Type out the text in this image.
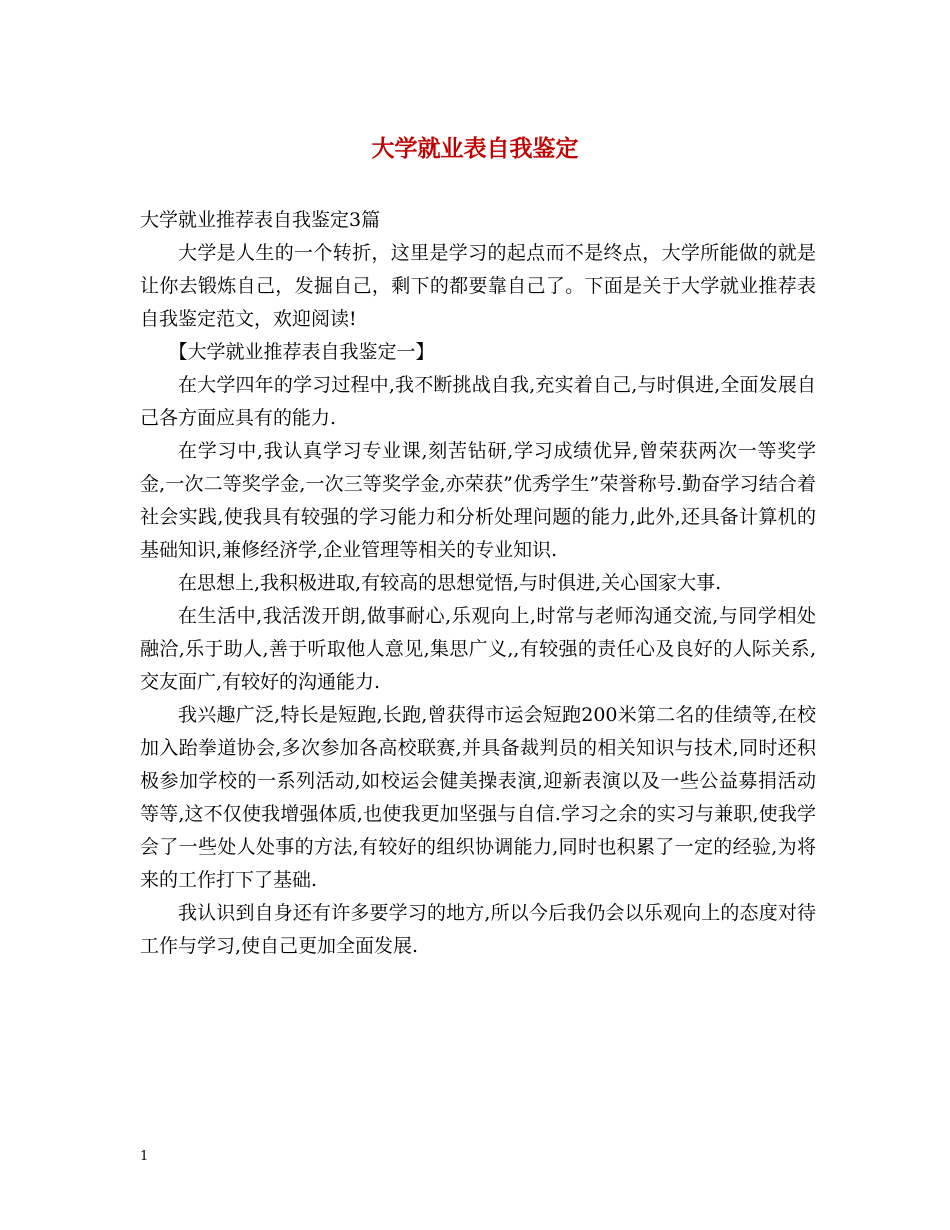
大学就业表自我鉴定

大学就业推荐表自我鉴定3篇

大学是人生的一个转折，这里是学习的起点而不是终点，大学所能做的就是让你去锻炼自己，发掘自己，剩下的都要靠自己了。下面是关于大学就业推荐表自我鉴定范文，欢迎阅读!

【大学就业推荐表自我鉴定一】

在大学四年的学习过程中,我不断挑战自我,充实着自己,与时俱进,全面发展自己各方面应具有的能力.

在学习中,我认真学习专业课,刻苦钻研,学习成绩优异,曾荣获两次一等奖学金,一次二等奖学金,一次三等奖学金,亦荣获”优秀学生”荣誉称号.勤奋学习结合着社会实践,使我具有较强的学习能力和分析处理问题的能力,此外,还具备计算机的基础知识,兼修经济学,企业管理等相关的专业知识.

在思想上,我积极进取,有较高的思想觉悟,与时俱进,关心国家大事.

在生活中,我活泼开朗,做事耐心,乐观向上,时常与老师沟通交流,与同学相处融洽,乐于助人,善于听取他人意见,集思广义,,有较强的责任心及良好的人际关系,交友面广,有较好的沟通能力.

我兴趣广泛,特长是短跑,长跑,曾获得市运会短跑200米第二名的佳绩等,在校加入跆拳道协会,多次参加各高校联赛,并具备裁判员的相关知识与技术,同时还积极参加学校的一系列活动,如校运会健美操表演,迎新表演以及一些公益募捐活动等等,这不仅使我增强体质,也使我更加坚强与自信.学习之余的实习与兼职,使我学会了一些处人处事的方法,有较好的组织协调能力,同时也积累了一定的经验,为将来的工作打下了基础.

我认识到自身还有许多要学习的地方,所以今后我仍会以乐观向上的态度对待工作与学习,使自己更加全面发展.

1
